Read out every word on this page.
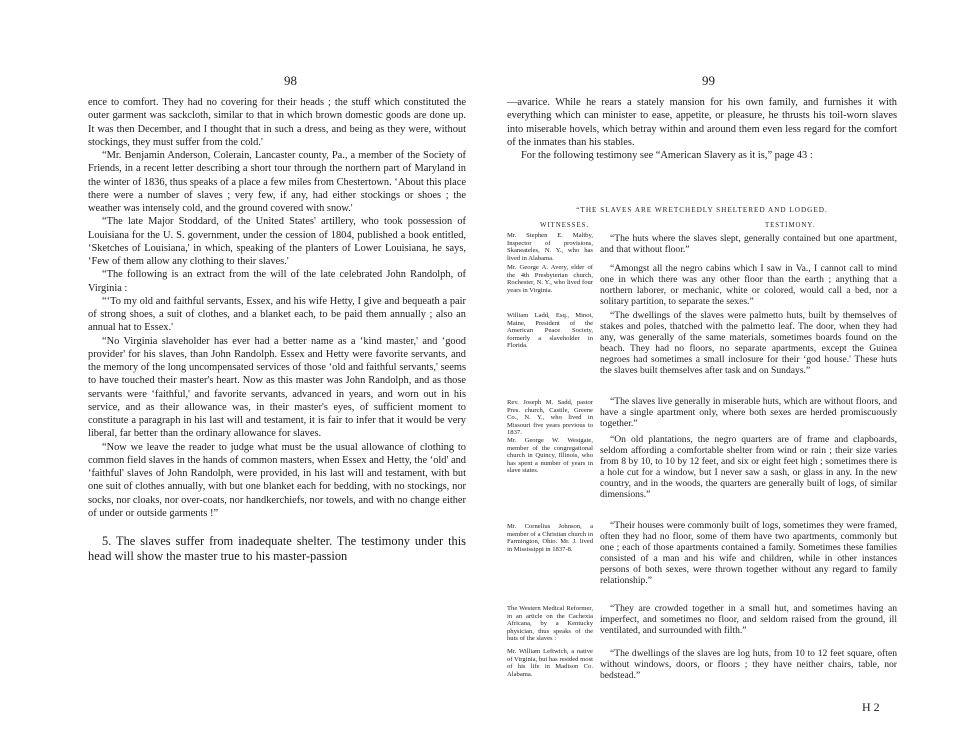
98

ence to comfort. They had no covering for their heads ; the stuff which constituted the outer garment was sackcloth, similar to that in which brown domestic goods are done up. It was then December, and I thought that in such a dress, and being as they were, without stockings, they must suffer from the cold.'

“Mr. Benjamin Anderson, Colerain, Lancaster county, Pa., a member of the Society of Friends, in a recent letter describing a short tour through the northern part of Maryland in the winter of 1836, thus speaks of a place a few miles from Chestertown. ‘About this place there were a number of slaves ; very few, if any, had either stockings or shoes ; the weather was intensely cold, and the ground covered with snow.'

“The late Major Stoddard, of the United States' artillery, who took possession of Louisiana for the U. S. government, under the cession of 1804, published a book entitled, ‘Sketches of Louisiana,' in which, speaking of the planters of Lower Louisiana, he says, ‘Few of them allow any clothing to their slaves.'

“The following is an extract from the will of the late celebrated John Randolph, of Virginia :

“‘To my old and faithful servants, Essex, and his wife Hetty, I give and bequeath a pair of strong shoes, a suit of clothes, and a blanket each, to be paid them annually ; also an annual hat to Essex.'

“No Virginia slaveholder has ever had a better name as a ‘kind master,' and ‘good provider' for his slaves, than John Randolph. Essex and Hetty were favorite servants, and the memory of the long uncompensated services of those ‘old and faithful servants,' seems to have touched their master's heart. Now as this master was John Randolph, and as those servants were ‘faithful,' and favorite servants, advanced in years, and worn out in his service, and as their allowance was, in their master's eyes, of sufficient moment to constitute a paragraph in his last will and testament, it is fair to infer that it would be very liberal, far better than the ordinary allowance for slaves.

“Now we leave the reader to judge what must be the usual allowance of clothing to common field slaves in the hands of common masters, when Essex and Hetty, the ‘old' and ‘faithful' slaves of John Randolph, were provided, in his last will and testament, with but one suit of clothes annually, with but one blanket each for bedding, with no stockings, nor socks, nor cloaks, nor over-coats, nor handkerchiefs, nor towels, and with no change either of under or outside garments !”

5. The slaves suffer from inadequate shelter. The testimony under this head will show the master true to his master-passion

99

—avarice. While he rears a stately mansion for his own family, and furnishes it with everything which can minister to ease, appetite, or pleasure, he thrusts his toil-worn slaves into miserable hovels, which betray within and around them even less regard for the comfort of the inmates than his stables.

For the following testimony see “American Slavery as it is,” page 43 :

“THE SLAVES ARE WRETCHEDLY SHELTERED AND LODGED.
WITNESSES.	TESTIMONY.
Mr. Stephen E. Maltby, Inspector of provisions, Skaneateles, N. Y., who has lived in Alabama.

“The huts where the slaves slept, generally contained but one apartment, and that without floor.”

Mr. George A. Avery, elder of the 4th Presbyterian church, Rochester, N. Y., who lived four years in Virginia.

“Amongst all the negro cabins which I saw in Va., I cannot call to mind one in which there was any other floor than the earth ; anything that a northern laborer, or mechanic, white or colored, would call a bed, nor a solitary partition, to separate the sexes.”

William Ladd, Esq., Minot, Maine, President of the American Peace Society, formerly a slaveholder in Florida.

“The dwellings of the slaves were palmetto huts, built by themselves of stakes and poles, thatched with the palmetto leaf. The door, when they had any, was generally of the same materials, sometimes boards found on the beach. They had no floors, no separate apartments, except the Guinea negroes had sometimes a small inclosure for their ‘god house.' These huts the slaves built themselves after task and on Sundays.”

Rev. Joseph M. Sadd, pastor Pres. church, Castile, Greene Co., N. Y., who lived in Missouri five years previous to 1837.

“The slaves live generally in miserable huts, which are without floors, and have a single apartment only, where both sexes are herded promiscuously together.”

Mr. George W. Westgate, member of the congregational church in Quincy, Illinois, who has spent a number of years in slave states.

“On old plantations, the negro quarters are of frame and clapboards, seldom affording a comfortable shelter from wind or rain ; their size varies from 8 by 10, to 10 by 12 feet, and six or eight feet high ; sometimes there is a hole cut for a window, but I never saw a sash, or glass in any. In the new country, and in the woods, the quarters are generally built of logs, of similar dimensions.”

Mr. Cornelius Johnson, a member of a Christian church in Farmington, Ohio. Mr. J. lived in Mississippi in 1837-8.

“Their houses were commonly built of logs, sometimes they were framed, often they had no floor, some of them have two apartments, commonly but one ; each of those apartments contained a family. Sometimes these families consisted of a man and his wife and children, while in other instances persons of both sexes, were thrown together without any regard to family relationship.”

The Western Medical Reformer, in an article on the Cachexia Africana, by a Kentucky physician, thus speaks of the huts of the slaves :

“They are crowded together in a small hut, and sometimes having an imperfect, and sometimes no floor, and seldom raised from the ground, ill ventilated, and surrounded with filth.”

Mr. William Leftwich, a native of Virginia, but has resided most of his life in Madison Co. Alabama.

“The dwellings of the slaves are log huts, from 10 to 12 feet square, often without windows, doors, or floors ; they have neither chairs, table, nor bedstead.”

H 2
